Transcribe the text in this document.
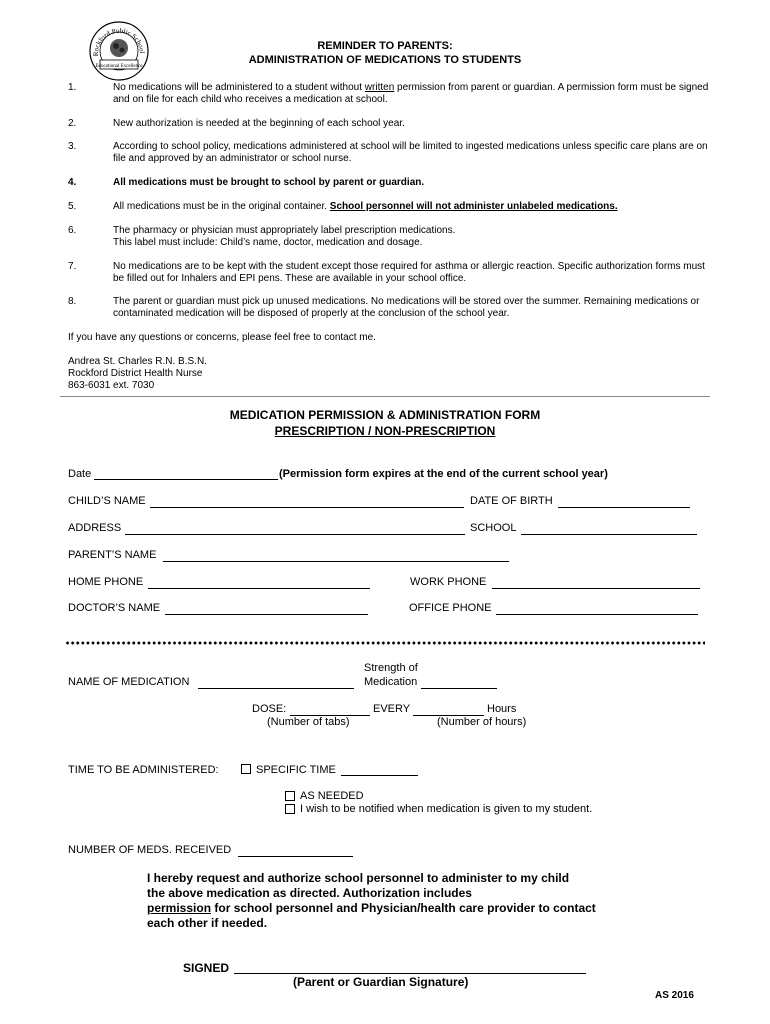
Rockford Public School
Educational Excellence
REMINDER TO PARENTS:
ADMINISTRATION OF MEDICATIONS TO STUDENTS
1.	No medications will be administered to a student without written permission from parent or guardian. A permission form must be signed and on file for each child who receives a medication at school.
2.	New authorization is needed at the beginning of each school year.
3.	According to school policy, medications administered at school will be limited to ingested medications unless specific care plans are on file and approved by an administrator or school nurse.
4.	All medications must be brought to school by parent or guardian.
5.	All medications must be in the original container. School personnel will not administer unlabeled medications.
6.	The pharmacy or physician must appropriately label prescription medications.
This label must include: Child’s name, doctor, medication and dosage.
7.	No medications are to be kept with the student except those required for asthma or allergic reaction. Specific authorization forms must be filled out for Inhalers and EPI pens. These are available in your school office.
8.	The parent or guardian must pick up unused medications. No medications will be stored over the summer. Remaining medications or contaminated medication will be disposed of properly at the conclusion of the school year.
If you have any questions or concerns, please feel free to contact me.
Andrea St. Charles R.N. B.S.N.
Rockford District Health Nurse
863-6031 ext. 7030
MEDICATION PERMISSION & ADMINISTRATION FORM
PRESCRIPTION / NON-PRESCRIPTION
Date	(Permission form expires at the end of the current school year)
CHILD’S NAME	DATE OF BIRTH
ADDRESS	SCHOOL
PARENT’S NAME
HOME PHONE	WORK PHONE
DOCTOR’S NAME	OFFICE PHONE
Strength of
NAME OF MEDICATION	Medication
DOSE:	EVERY	Hours
(Number of tabs)	(Number of hours)
TIME TO BE ADMINISTERED:	SPECIFIC TIME
AS NEEDED
I wish to be notified when medication is given to my student.
NUMBER OF MEDS. RECEIVED
I hereby request and authorize school personnel to administer to my child
the above medication as directed. Authorization includes
permission for school personnel and Physician/health care provider to contact
each other if needed.
SIGNED
(Parent or Guardian Signature)
AS 2016
